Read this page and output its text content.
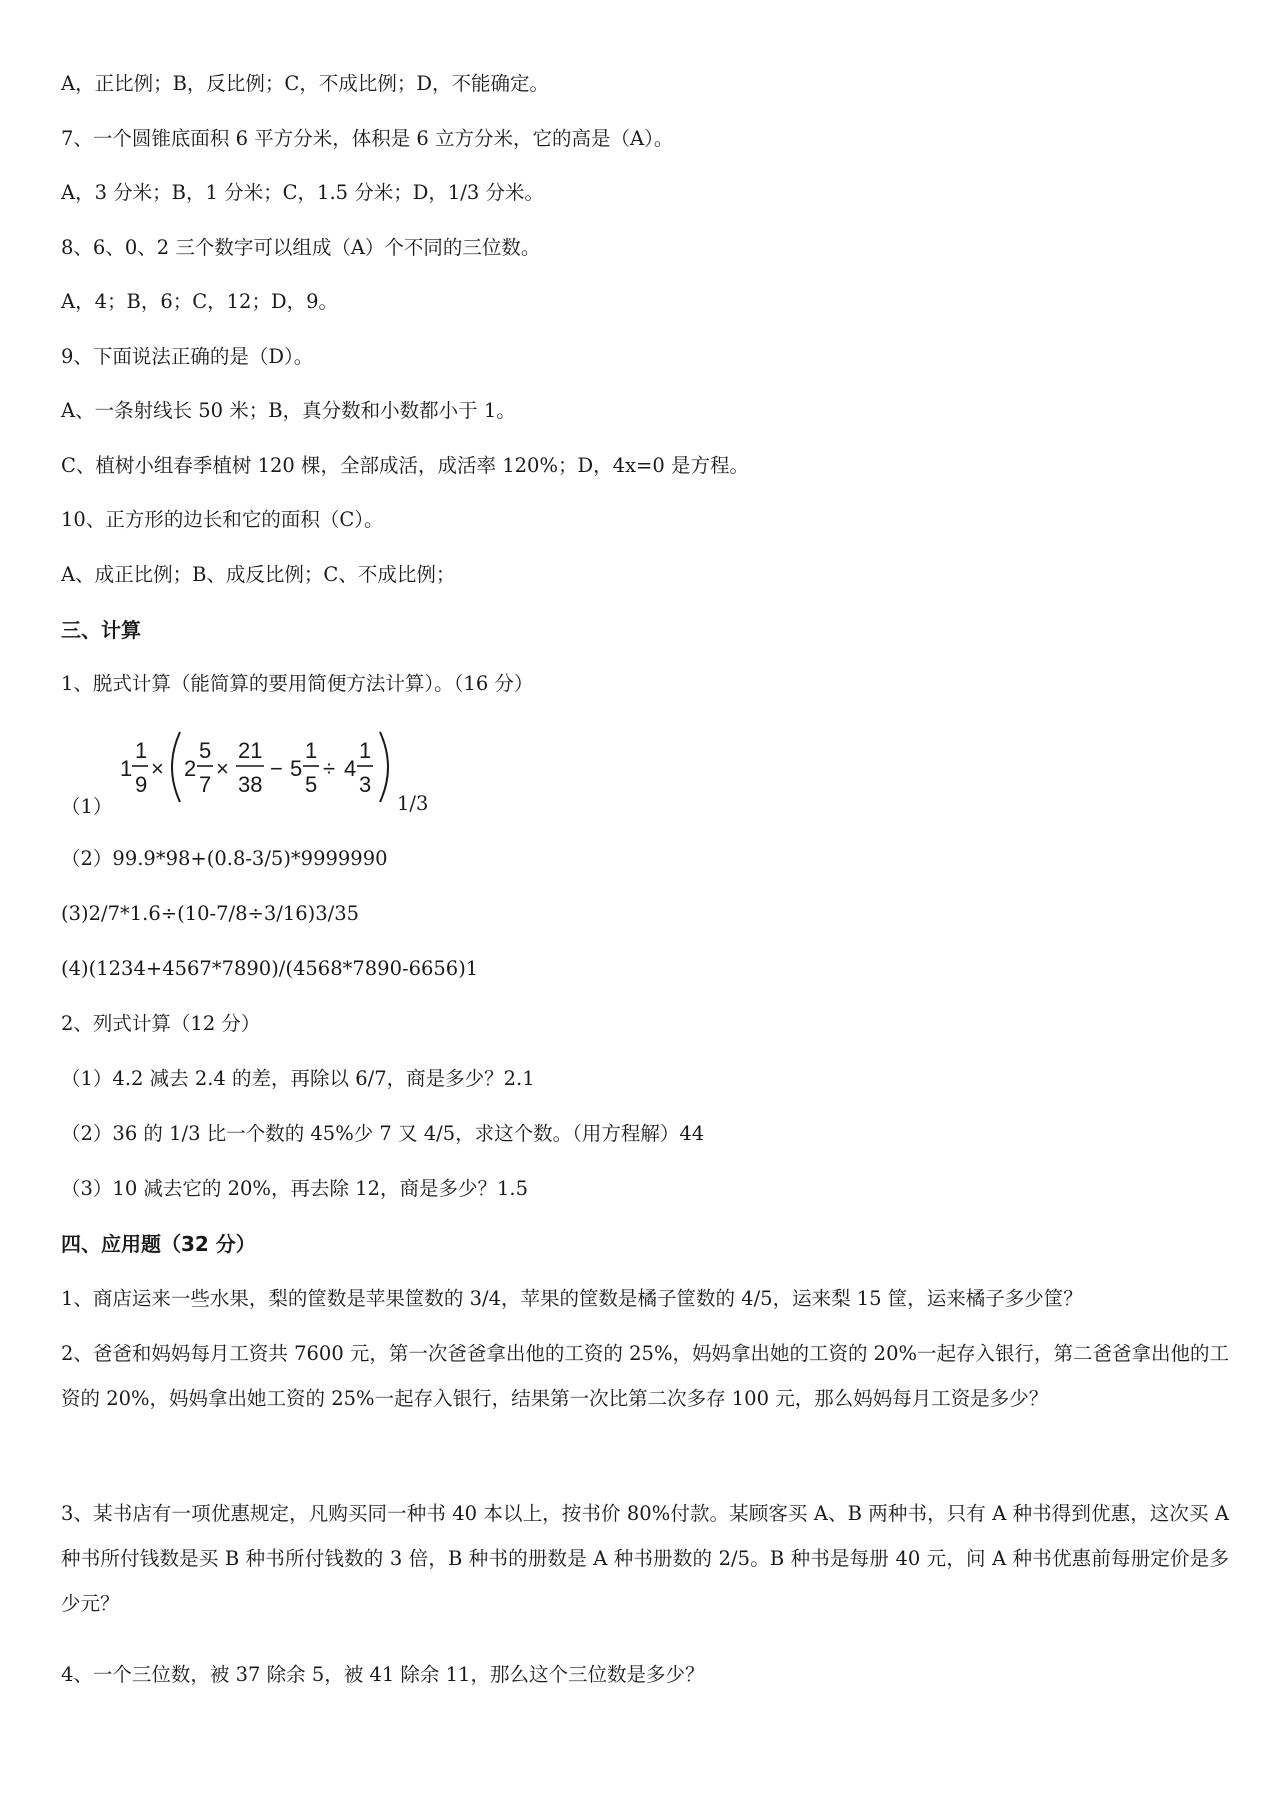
A，正比例；B，反比例；C，不成比例；D，不能确定。
7、一个圆锥底面积 6 平方分米，体积是 6 立方分米，它的高是（A）。
A，3 分米；B，1 分米；C，1.5 分米；D，1/3 分米。
8、6、0、2 三个数字可以组成（A）个不同的三位数。
A，4；B，6；C，12；D，9。
9、下面说法正确的是（D）。
A、一条射线长 50 米；B，真分数和小数都小于 1。
C、植树小组春季植树 120 棵，全部成活，成活率 120%；D，4x=0 是方程。
10、正方形的边长和它的面积（C）。
A、成正比例；B、成反比例；C、不成比例；
三、计算
1、脱式计算（能简算的要用简便方法计算）。（16 分）
（1）
1
1
9
× 2
5
7
×
21
38
− 5
1
5
÷ 4
1
3
1/3
（2）99.9*98+(0.8-3/5)*9999990
(3)2/7*1.6÷(10-7/8÷3/16)3/35
(4)(1234+4567*7890)/(4568*7890-6656)1
2、列式计算（12 分）
（1）4.2 减去 2.4 的差，再除以 6/7，商是多少？2.1
（2）36 的 1/3 比一个数的 45%少 7 又 4/5，求这个数。（用方程解）44
（3）10 减去它的 20%，再去除 12，商是多少？1.5
四、应用题（32 分）
1、商店运来一些水果，梨的筐数是苹果筐数的 3/4，苹果的筐数是橘子筐数的 4/5，运来梨 15 筐，运来橘子多少筐？
2、爸爸和妈妈每月工资共 7600 元，第一次爸爸拿出他的工资的 25%，妈妈拿出她的工资的 20%一起存入银行，第二爸爸拿出他的工资的 20%，妈妈拿出她工资的 25%一起存入银行，结果第一次比第二次多存 100 元，那么妈妈每月工资是多少？
3、某书店有一项优惠规定，凡购买同一种书 40 本以上，按书价 80%付款。某顾客买 A、B 两种书，只有 A 种书得到优惠，这次买 A 种书所付钱数是买 B 种书所付钱数的 3 倍，B 种书的册数是 A 种书册数的 2/5。B 种书是每册 40 元，问 A 种书优惠前每册定价是多少元？
4、一个三位数，被 37 除余 5，被 41 除余 11，那么这个三位数是多少？
